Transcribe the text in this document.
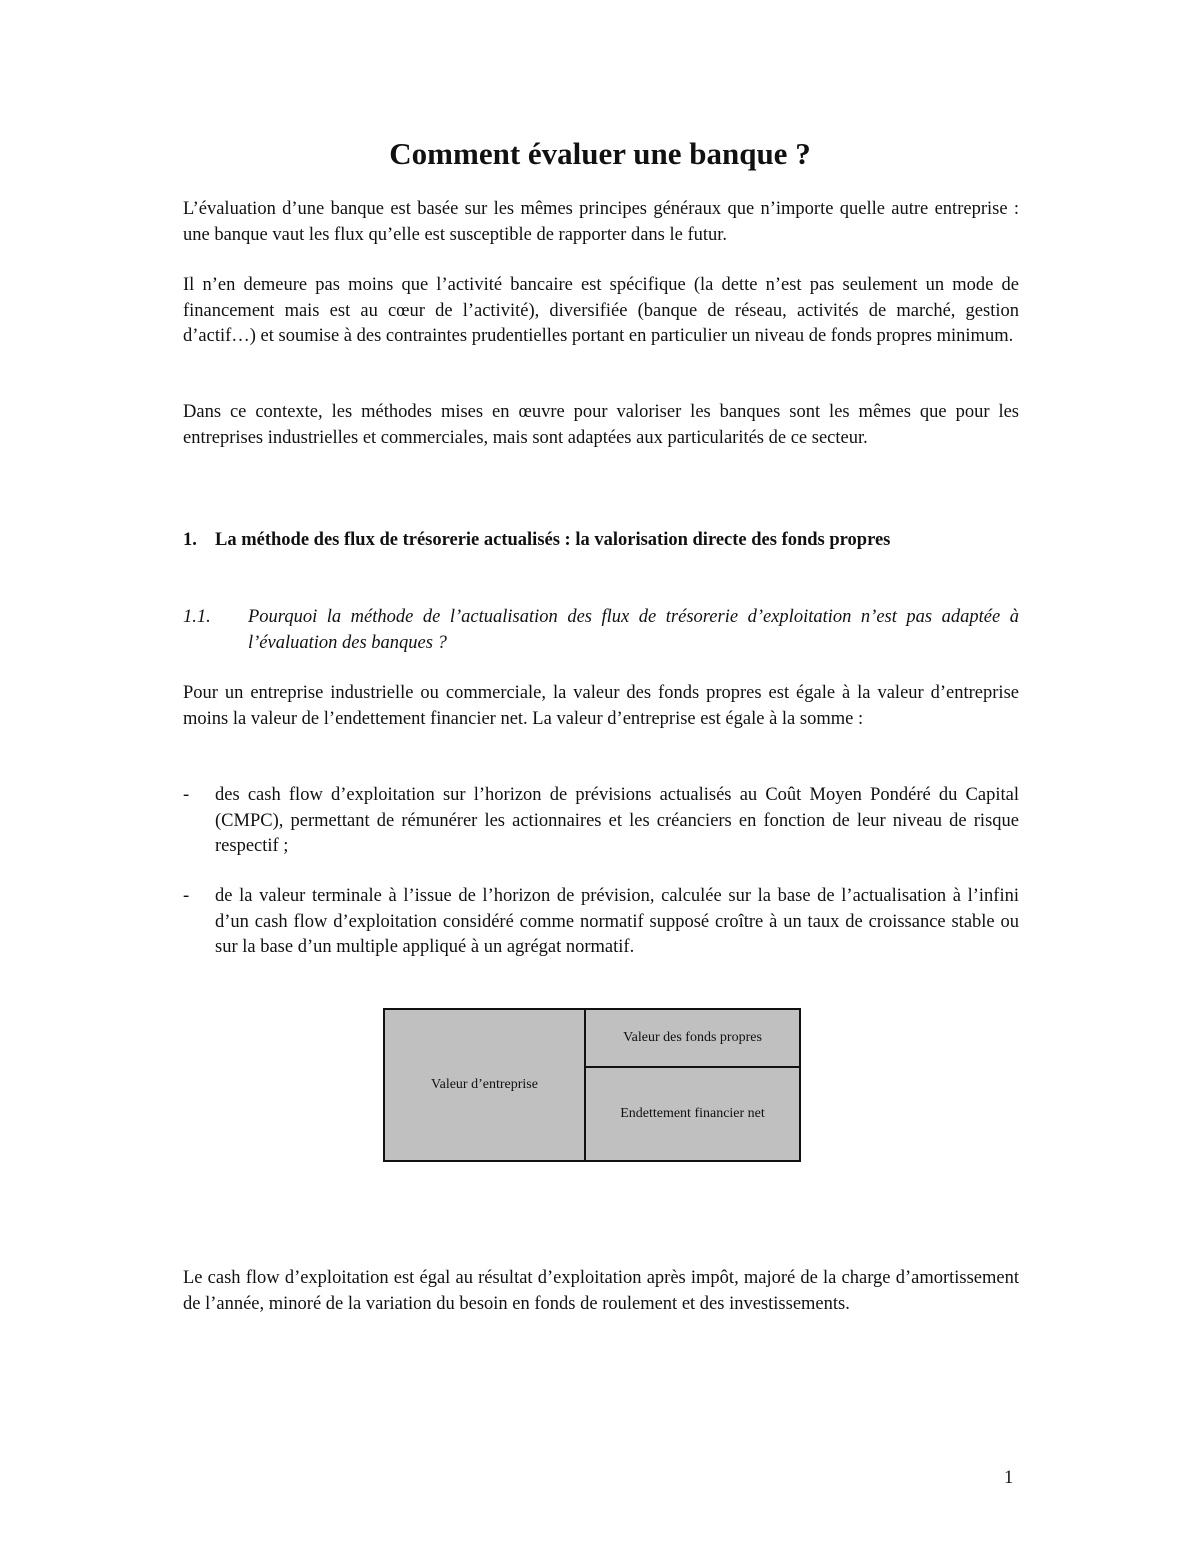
Comment évaluer une banque ?

L’évaluation d’une banque est basée sur les mêmes principes généraux que n’importe quelle autre entreprise : une banque vaut les flux qu’elle est susceptible de rapporter dans le futur.

Il n’en demeure pas moins que l’activité bancaire est spécifique (la dette n’est pas seulement un mode de financement mais est au cœur de l’activité), diversifiée (banque de réseau, activités de marché, gestion d’actif…) et soumise à des contraintes prudentielles portant en particulier un niveau de fonds propres minimum.

Dans ce contexte, les méthodes mises en œuvre pour valoriser les banques sont les mêmes que pour les entreprises industrielles et commerciales, mais sont adaptées aux particularités de ce secteur.

1. La méthode des flux de trésorerie actualisés : la valorisation directe des fonds propres
1.1. Pourquoi la méthode de l’actualisation des flux de trésorerie d’exploitation n’est pas adaptée à l’évaluation des banques ?

Pour un entreprise industrielle ou commerciale, la valeur des fonds propres est égale à la valeur d’entreprise moins la valeur de l’endettement financier net. La valeur d’entreprise est égale à la somme :

- des cash flow d’exploitation sur l’horizon de prévisions actualisés au Coût Moyen Pondéré du Capital (CMPC), permettant de rémunérer les actionnaires et les créanciers en fonction de leur niveau de risque respectif ;
- de la valeur terminale à l’issue de l’horizon de prévision, calculée sur la base de l’actualisation à l’infini d’un cash flow d’exploitation considéré comme normatif supposé croître à un taux de croissance stable ou sur la base d’un multiple appliqué à un agrégat normatif.
Valeur d’entreprise
Valeur des fonds propres
Endettement financier net

Le cash flow d’exploitation est égal au résultat d’exploitation après impôt, majoré de la charge d’amortissement de l’année, minoré de la variation du besoin en fonds de roulement et des investissements.

1
